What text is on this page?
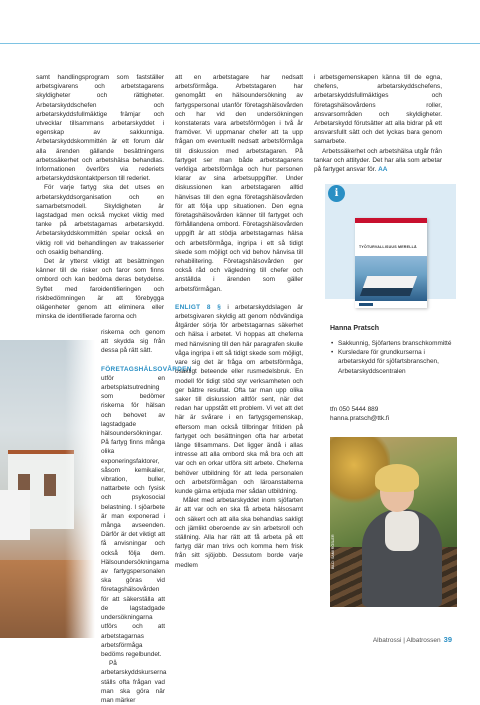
samt handlingsprogram som fastställer arbetsgivarens och arbetstagarens skyldigheter och rättigheter. Arbetarskyddschefen och arbetarskyddsfullmäktige främjar och utvecklar tillsammans arbetarskyddet i egenskap av sakkunniga. Arbetarskyddskommittén är ett forum där alla ärenden gällande besättningens arbetssäkerhet och arbetshälsa behandlas. Informationen överförs via rederiets arbetarskyddskontaktperson till rederiet.

För varje fartyg ska det utses en arbetarskyddsorganisation och en samarbetsmodell. Skyldigheten är lagstadgad men också mycket viktig med tanke på arbetstagarnas arbetarskydd. Arbetarskyddskommittén spelar också en viktig roll vid behandlingen av trakasserier och osaklig behandling.

Det är ytterst viktigt att besättningen känner till de risker och faror som finns ombord och kan bedöma deras betydelse. Syftet med faroidentifieringen och riskbedömningen är att förebygga olägenheter genom att eliminera eller minska de identifierade farorna och

riskerna och genom att skydda sig från dessa på rätt sätt.

FÖRETAGSHÄLSOVÅRDEN

utför en arbetsplatsutredning som bedömer riskerna för hälsan och behovet av lagstadgade hälsoundersökningar. På fartyg finns många olika exponeringsfaktorer, såsom kemikalier, vibration, buller, nattarbete och fysisk och psykosocial belastning. I sjöarbete är man exponerad i många avseenden. Därför är det viktigt att få anvisningar och också följa dem. Hälsoundersökningarna av fartygspersonalen ska göras vid företagshälsovården för att säkerställa att de lagstadgade undersökningarna utförs och att arbetstagarnas arbetsförmåga bedöms regelbundet.

På arbetarskyddskurserna ställs ofta frågan vad man ska göra när man märker

att en arbetstagare har nedsatt arbetsförmåga. Arbetstagaren har genomgått en hälsoundersökning av fartygspersonal utanför företagshälsovården och har vid den undersökningen konstaterats vara arbetsförmögen i två år framöver. Vi uppmanar chefer att ta upp frågan om eventuellt nedsatt arbetsförmåga till diskussion med arbetstagaren. På fartyget ser man både arbetstagarens verkliga arbetsförmåga och hur personen klarar av sina arbetsuppgifter. Under diskussionen kan arbetstagaren alltid hänvisas till den egna företagshälsovården för att följa upp situationen. Den egna företagshälsovården känner till fartyget och förhållandena ombord. Företagshälsovården uppgift är att stödja arbetstagarnas hälsa och arbetsförmåga, ingripa i ett så tidigt skede som möjligt och vid behov hänvisa till rehabilitering. Företagshälsovården ger också råd och vägledning till chefer och anställda i ärenden som gäller arbetsförmågan.

ENLIGT 8 § i arbetarskyddslagen är arbetsgivaren skyldig att genom nödvändiga åtgärder sörja för arbetstagarnas säkerhet och hälsa i arbetet. Vi hoppas att cheferna med hänvisning till den här paragrafen skulle våga ingripa i ett så tidigt skede som möjligt, vare sig det är fråga om arbetsförmåga, osakligt beteende eller rusmedelsbruk. En modell för tidigt stöd styr verksamheten och ger bättre resultat. Ofta tar man upp olika saker till diskussion alltför sent, när det redan har uppstått ett problem. Vi vet att det här är svårare i en fartygsgemenskap, eftersom man också tillbringar fritiden på fartyget och besättningen ofta har arbetat länge tillsammans. Det ligger ändå i allas intresse att alla ombord ska må bra och att var och en orkar utföra sitt arbete. Cheferna behöver utbildning för att leda personalen och arbetsförmågan och läroanstalterna kunde gärna erbjuda mer sådan utbildning.

Målet med arbetarskyddet inom sjöfarten är att var och en ska få arbeta hälsosamt och säkert och att alla ska behandlas sakligt och jämlikt oberoende av sin arbetsroll och ställning. Alla har rätt att få arbeta på ett fartyg där man trivs och komma hem frisk från sitt sjöjobb. Dessutom borde varje medlem

i arbetsgemenskapen känna till de egna, chefens, arbetarskyddschefens, arbetarskyddsfullmäktiges och företagshälsovårdens roller, ansvarsområden och skyldigheter. Arbetarskydd förutsätter att alla bidrar på ett ansvarsfullt sätt och det lyckas bara genom samarbete.

Arbetssäkerhet och arbetshälsa utgår från tankar och attityder. Det har alla som arbetar på fartyget ansvar för. AA

i
TYÖTURVALLISUUS MERELLÄ
Hanna Pratsch
• Sakkunnig, Sjöfartens branschkommitté
• Kursledare för grundkurserna i arbetarskydd för sjöfartsbranschen, Arbetarskyddscentralen
tfn 050 5444 889
hanna.pratsch@ttk.fi
BILD: SAMI RÖSLER
Albatrossi | Albatrossen 39
